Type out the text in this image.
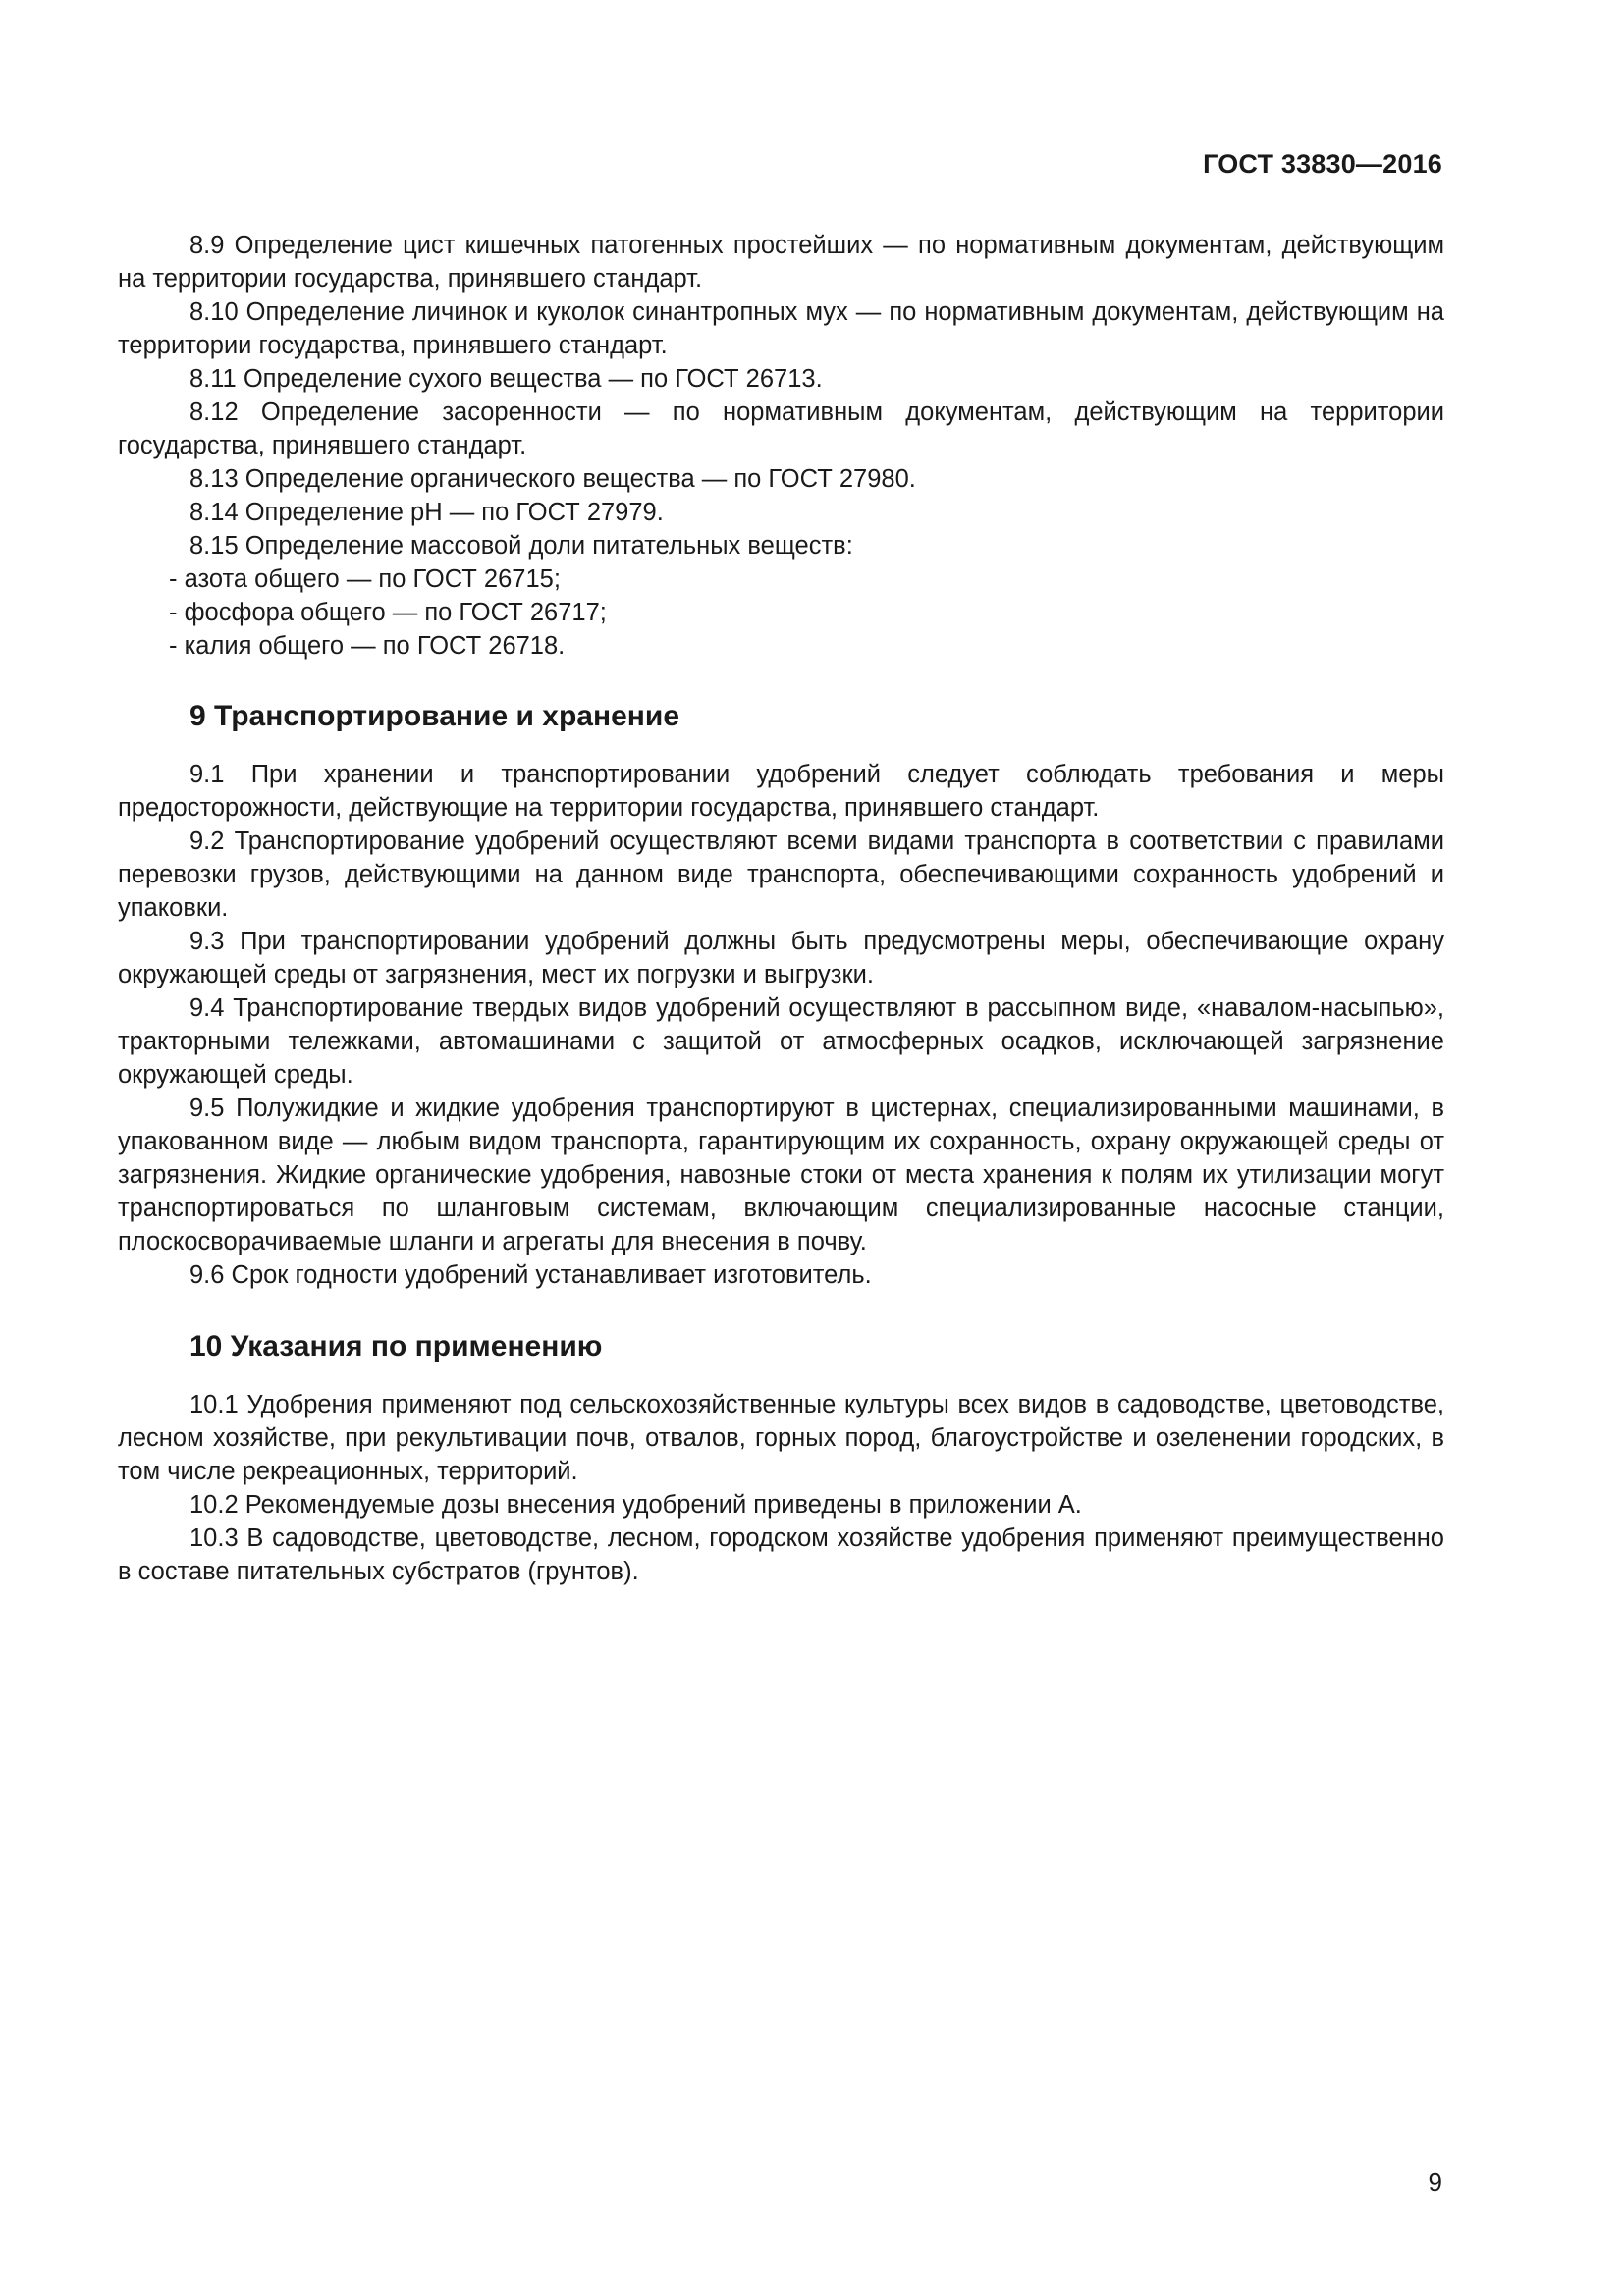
ГОСТ 33830—2016

8.9 Определение цист кишечных патогенных простейших — по нормативным документам, действующим на территории государства, принявшего стандарт.

8.10 Определение личинок и куколок синантропных мух — по нормативным документам, действующим на территории государства, принявшего стандарт.

8.11 Определение сухого вещества — по ГОСТ 26713.

8.12 Определение засоренности — по нормативным документам, действующим на территории государства, принявшего стандарт.

8.13 Определение органического вещества — по ГОСТ 27980.

8.14 Определение pH — по ГОСТ 27979.

8.15 Определение массовой доли питательных веществ:

- азота общего — по ГОСТ 26715;

- фосфора общего — по ГОСТ 26717;

- калия общего — по ГОСТ 26718.

9 Транспортирование и хранение

9.1 При хранении и транспортировании удобрений следует соблюдать требования и меры предосторожности, действующие на территории государства, принявшего стандарт.

9.2 Транспортирование удобрений осуществляют всеми видами транспорта в соответствии с правилами перевозки грузов, действующими на данном виде транспорта, обеспечивающими сохранность удобрений и упаковки.

9.3 При транспортировании удобрений должны быть предусмотрены меры, обеспечивающие охрану окружающей среды от загрязнения, мест их погрузки и выгрузки.

9.4 Транспортирование твердых видов удобрений осуществляют в рассыпном виде, «навалом-насыпью», тракторными тележками, автомашинами с защитой от атмосферных осадков, исключающей загрязнение окружающей среды.

9.5 Полужидкие и жидкие удобрения транспортируют в цистернах, специализированными машинами, в упакованном виде — любым видом транспорта, гарантирующим их сохранность, охрану окружающей среды от загрязнения. Жидкие органические удобрения, навозные стоки от места хранения к полям их утилизации могут транспортироваться по шланговым системам, включающим специализированные насосные станции, плоскосворачиваемые шланги и агрегаты для внесения в почву.

9.6 Срок годности удобрений устанавливает изготовитель.

10 Указания по применению

10.1 Удобрения применяют под сельскохозяйственные культуры всех видов в садоводстве, цветоводстве, лесном хозяйстве, при рекультивации почв, отвалов, горных пород, благоустройстве и озеленении городских, в том числе рекреационных, территорий.

10.2 Рекомендуемые дозы внесения удобрений приведены в приложении А.

10.3 В садоводстве, цветоводстве, лесном, городском хозяйстве удобрения применяют преимущественно в составе питательных субстратов (грунтов).

9
